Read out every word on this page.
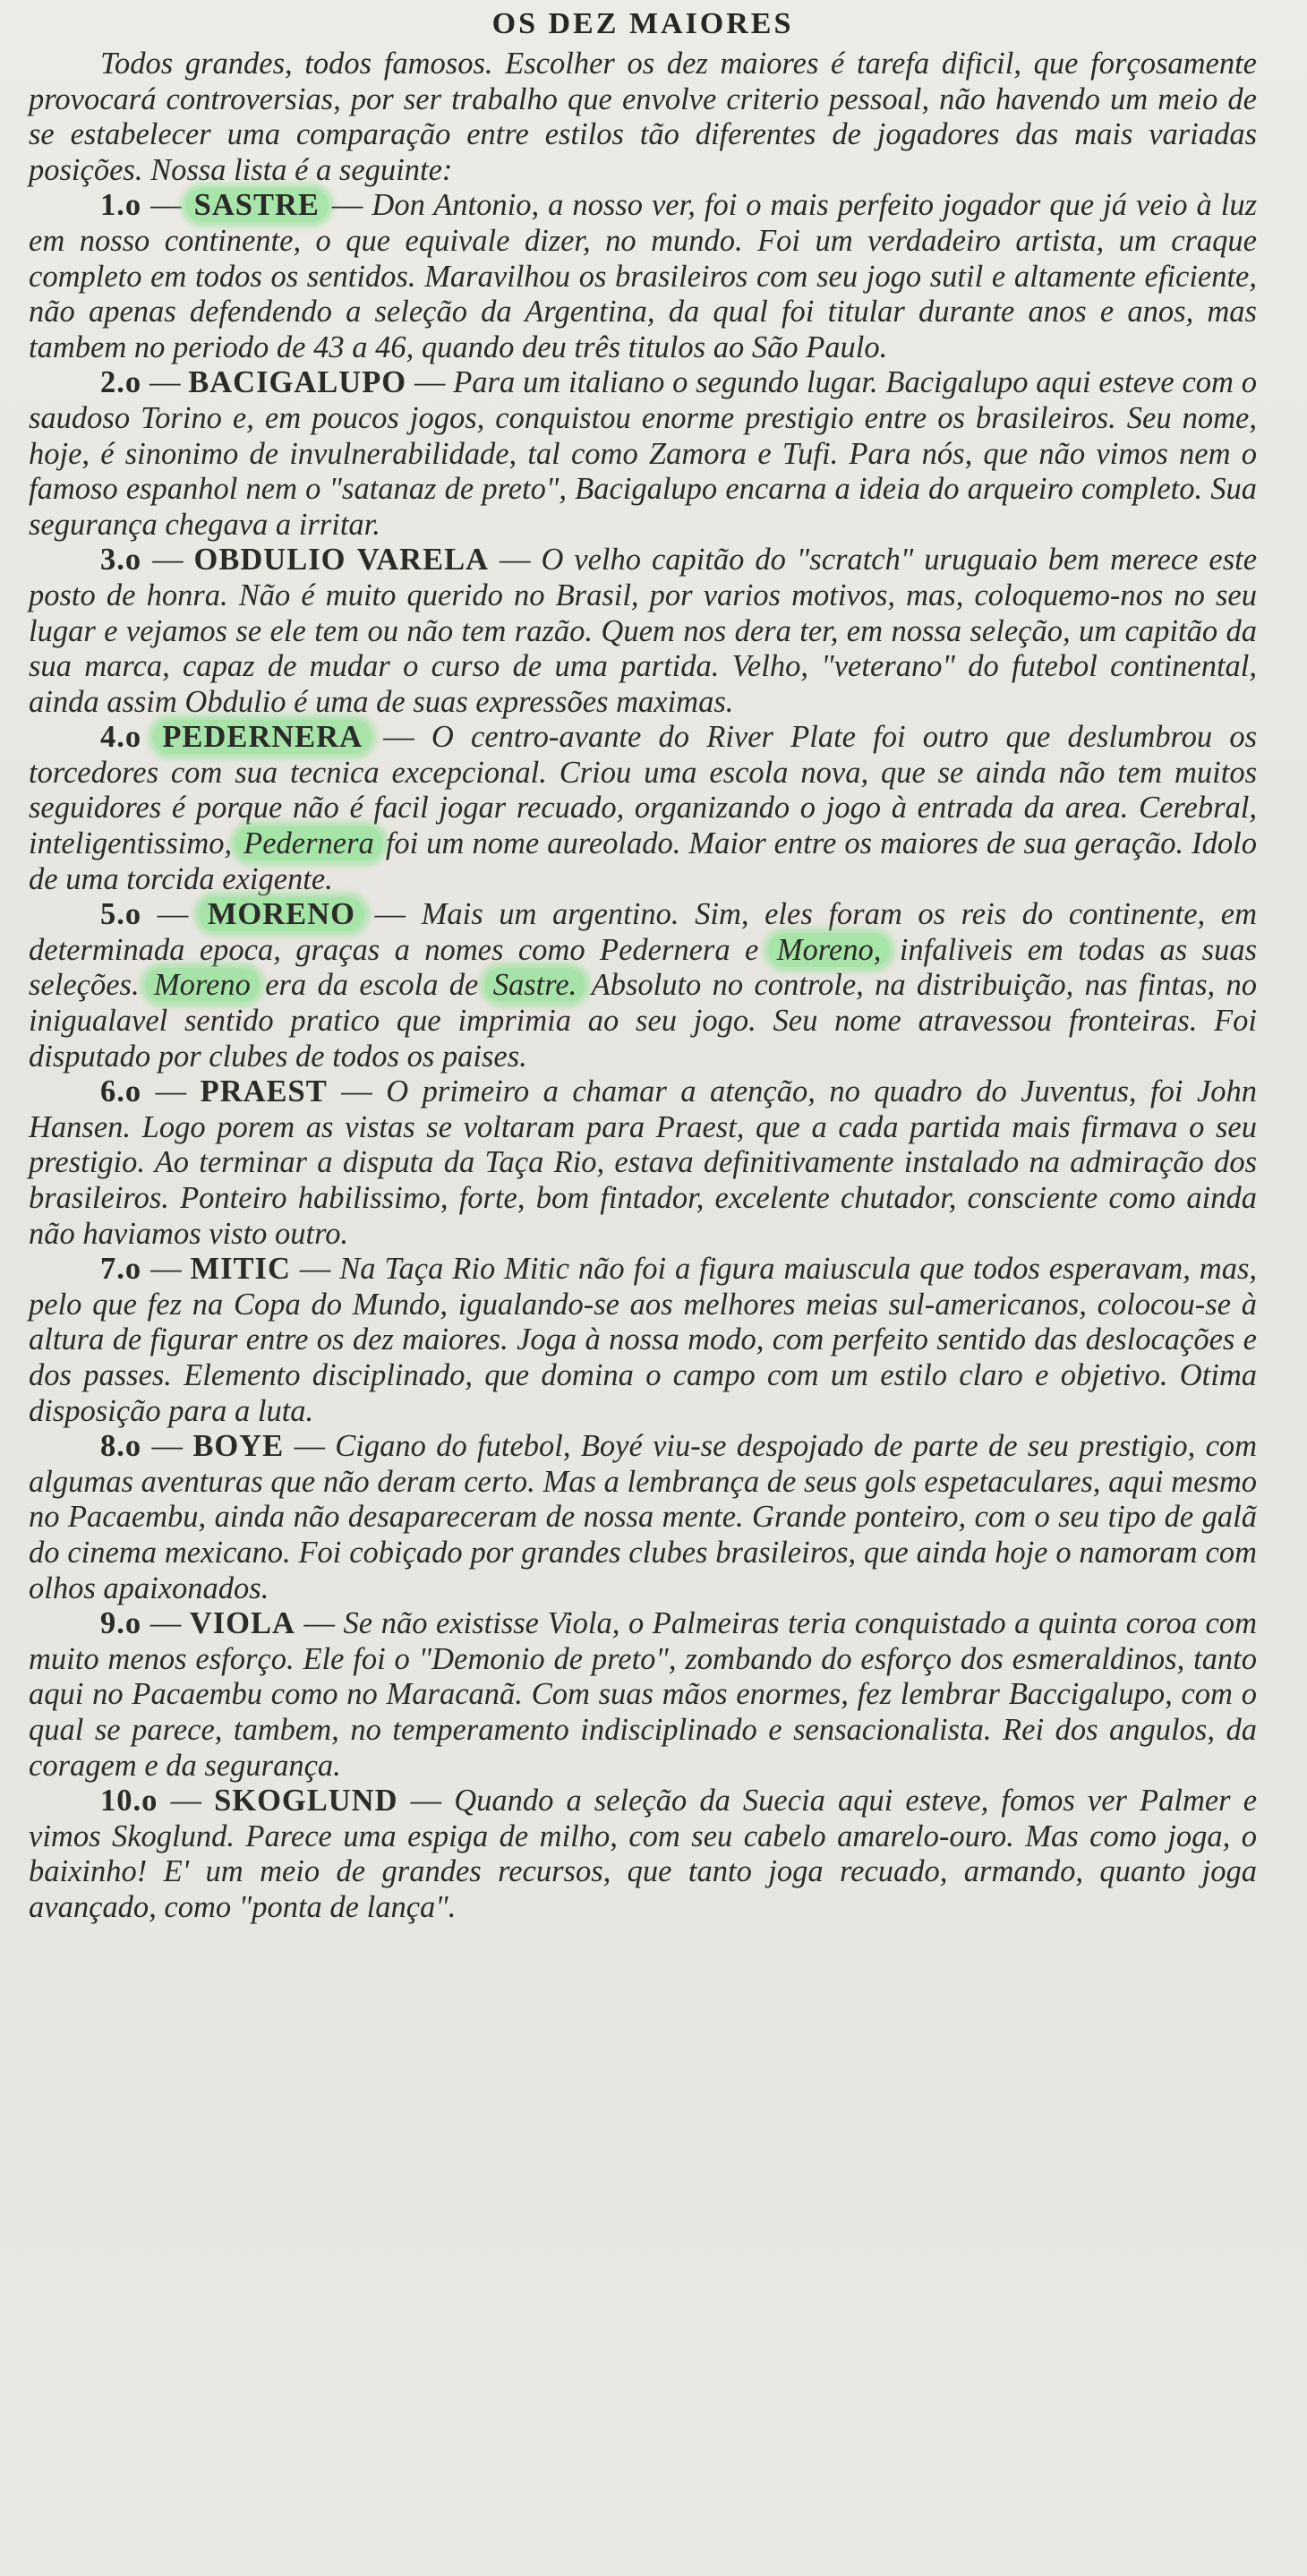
OS DEZ MAIORES

Todos grandes, todos famosos. Escolher os dez maiores é tarefa dificil, que forçosamente provocará controversias, por ser trabalho que envolve criterio pessoal, não havendo um meio de se estabelecer uma comparação entre estilos tão diferentes de jogadores das mais variadas posições. Nossa lista é a seguinte:

1.o — SASTRE — Don Antonio, a nosso ver, foi o mais perfeito jogador que já veio à luz em nosso continente, o que equivale dizer, no mundo. Foi um verdadeiro artista, um craque completo em todos os sentidos. Maravilhou os brasileiros com seu jogo sutil e altamente eficiente, não apenas defendendo a seleção da Argentina, da qual foi titular durante anos e anos, mas tambem no periodo de 43 a 46, quando deu três titulos ao São Paulo.

2.o — BACIGALUPO — Para um italiano o segundo lugar. Bacigalupo aqui esteve com o saudoso Torino e, em poucos jogos, conquistou enorme prestigio entre os brasileiros. Seu nome, hoje, é sinonimo de invulnerabilidade, tal como Zamora e Tufi. Para nós, que não vimos nem o famoso espanhol nem o "satanaz de preto", Bacigalupo encarna a ideia do arqueiro completo. Sua segurança chegava a irritar.

3.o — OBDULIO VARELA — O velho capitão do "scratch" uruguaio bem merece este posto de honra. Não é muito querido no Brasil, por varios motivos, mas, coloquemo-nos no seu lugar e vejamos se ele tem ou não tem razão. Quem nos dera ter, em nossa seleção, um capitão da sua marca, capaz de mudar o curso de uma partida. Velho, "veterano" do futebol continental, ainda assim Obdulio é uma de suas expressões maximas.

4.o PEDERNERA — O centro-avante do River Plate foi outro que deslumbrou os torcedores com sua tecnica excepcional. Criou uma escola nova, que se ainda não tem muitos seguidores é porque não é facil jogar recuado, organizando o jogo à entrada da area. Cerebral, inteligentissimo, Pedernera foi um nome aureolado. Maior entre os maiores de sua geração. Idolo de uma torcida exigente.

5.o — MORENO — Mais um argentino. Sim, eles foram os reis do continente, em determinada epoca, graças a nomes como Pedernera e Moreno, infaliveis em todas as suas seleções. Moreno era da escola de Sastre. Absoluto no controle, na distribuição, nas fintas, no inigualavel sentido pratico que imprimia ao seu jogo. Seu nome atravessou fronteiras. Foi disputado por clubes de todos os paises.

6.o — PRAEST — O primeiro a chamar a atenção, no quadro do Juventus, foi John Hansen. Logo porem as vistas se voltaram para Praest, que a cada partida mais firmava o seu prestigio. Ao terminar a disputa da Taça Rio, estava definitivamente instalado na admiração dos brasileiros. Ponteiro habilissimo, forte, bom fintador, excelente chutador, consciente como ainda não haviamos visto outro.

7.o — MITIC — Na Taça Rio Mitic não foi a figura maiuscula que todos esperavam, mas, pelo que fez na Copa do Mundo, igualando-se aos melhores meias sul-americanos, colocou-se à altura de figurar entre os dez maiores. Joga à nossa modo, com perfeito sentido das deslocações e dos passes. Elemento disciplinado, que domina o campo com um estilo claro e objetivo. Otima disposição para a luta.

8.o — BOYE — Cigano do futebol, Boyé viu-se despojado de parte de seu prestigio, com algumas aventuras que não deram certo. Mas a lembrança de seus gols espetaculares, aqui mesmo no Pacaembu, ainda não desapareceram de nossa mente. Grande ponteiro, com o seu tipo de galã do cinema mexicano. Foi cobiçado por grandes clubes brasileiros, que ainda hoje o namoram com olhos apaixonados.

9.o — VIOLA — Se não existisse Viola, o Palmeiras teria conquistado a quinta coroa com muito menos esforço. Ele foi o "Demonio de preto", zombando do esforço dos esmeraldinos, tanto aqui no Pacaembu como no Maracanã. Com suas mãos enormes, fez lembrar Baccigalupo, com o qual se parece, tambem, no temperamento indisciplinado e sensacionalista. Rei dos angulos, da coragem e da segurança.

10.o — SKOGLUND — Quando a seleção da Suecia aqui esteve, fomos ver Palmer e vimos Skoglund. Parece uma espiga de milho, com seu cabelo amarelo-ouro. Mas como joga, o baixinho! E' um meio de grandes recursos, que tanto joga recuado, armando, quanto joga avançado, como "ponta de lança".
